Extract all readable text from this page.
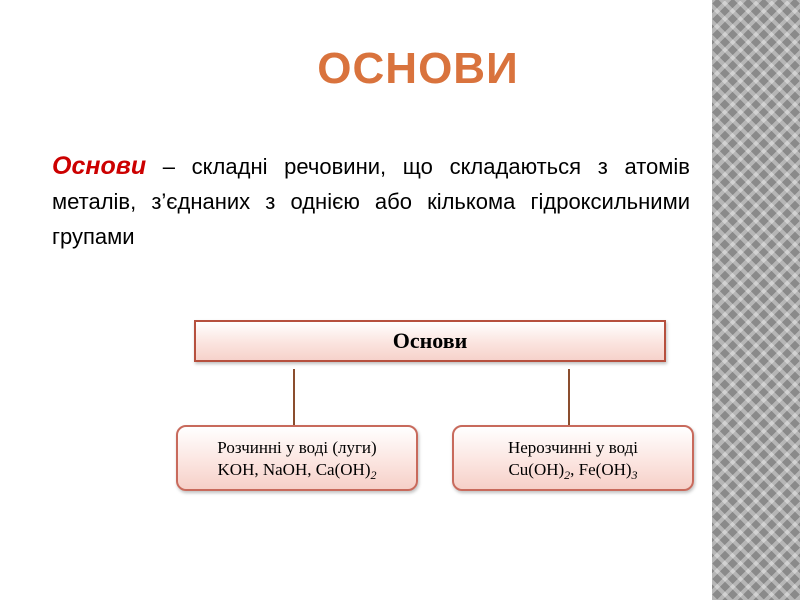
ОСНОВИ
Основи – складні речовини, що складаються з атомів металів, з’єднаних з однією або кількома гідроксильними групами
Основи
Розчинні у воді (луги)
KOH, NaOH, $Ca(OH)_2$
Нерозчинні у воді
$Cu(OH)_2$, $Fe(OH)_3$
